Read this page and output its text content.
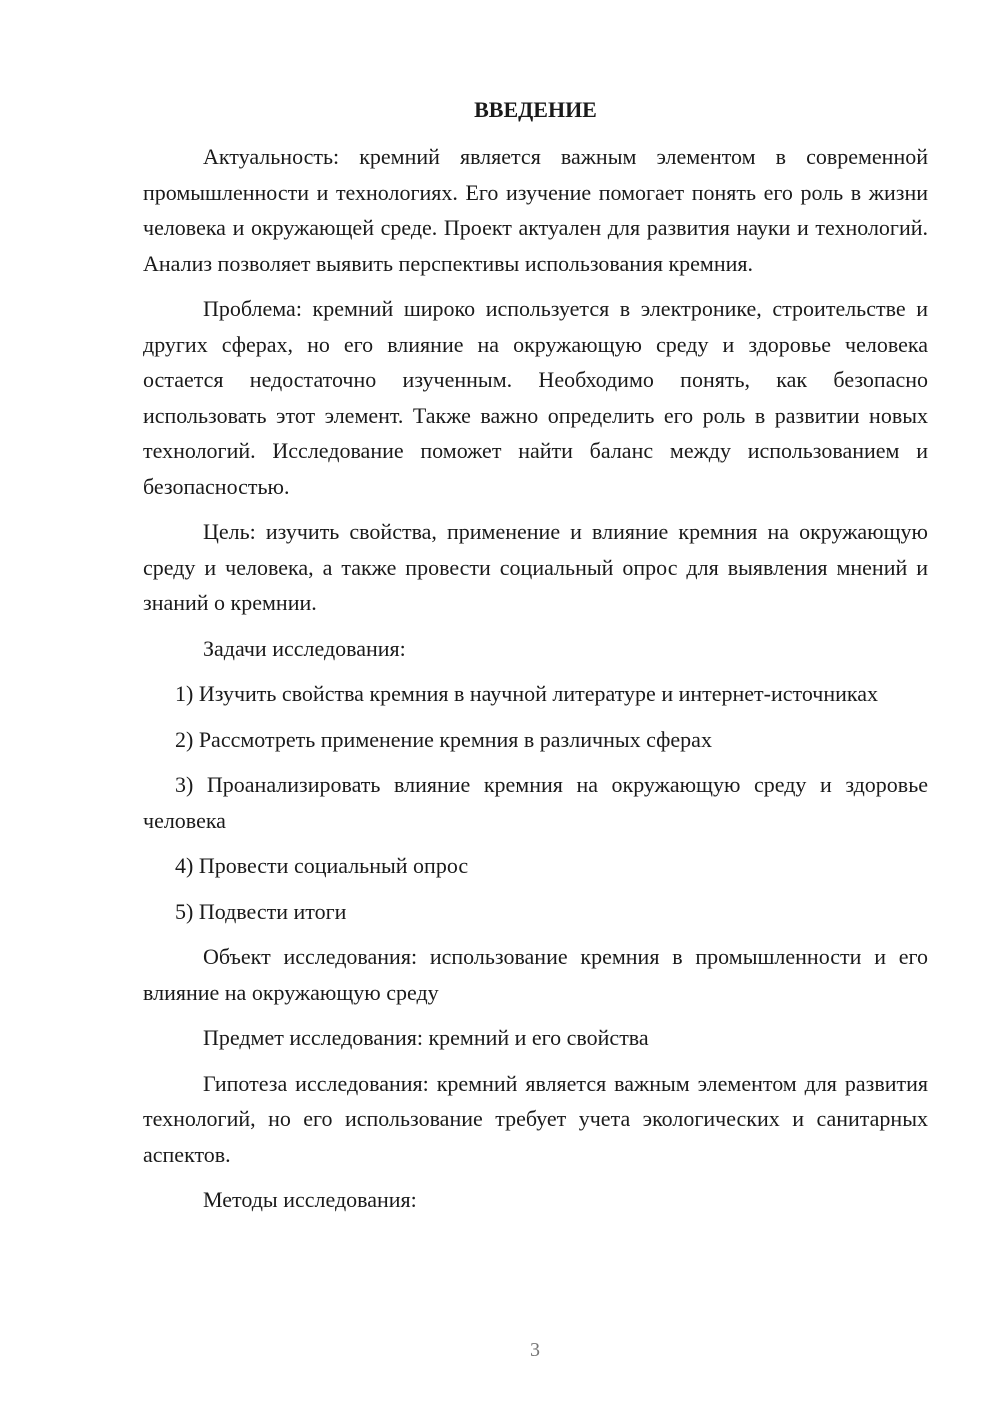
ВВЕДЕНИЕ

Актуальность: кремний является важным элементом в современной промышленности и технологиях. Его изучение помогает понять его роль в жизни человека и окружающей среде. Проект актуален для развития науки и технологий. Анализ позволяет выявить перспективы использования кремния.

Проблема: кремний широко используется в электронике, строительстве и других сферах, но его влияние на окружающую среду и здоровье человека остается недостаточно изученным. Необходимо понять, как безопасно использовать этот элемент. Также важно определить его роль в развитии новых технологий. Исследование поможет найти баланс между использованием и безопасностью.

Цель: изучить свойства, применение и влияние кремния на окружающую среду и человека, а также провести социальный опрос для выявления мнений и знаний о кремнии.

Задачи исследования:

1) Изучить свойства кремния в научной литературе и интернет-источниках

2) Рассмотреть применение кремния в различных сферах

3) Проанализировать влияние кремния на окружающую среду и здоровье человека

4) Провести социальный опрос

5) Подвести итоги

Объект исследования: использование кремния в промышленности и его влияние на окружающую среду

Предмет исследования: кремний и его свойства

Гипотеза исследования: кремний является важным элементом для развития технологий, но его использование требует учета экологических и санитарных аспектов.

Методы исследования:

3
